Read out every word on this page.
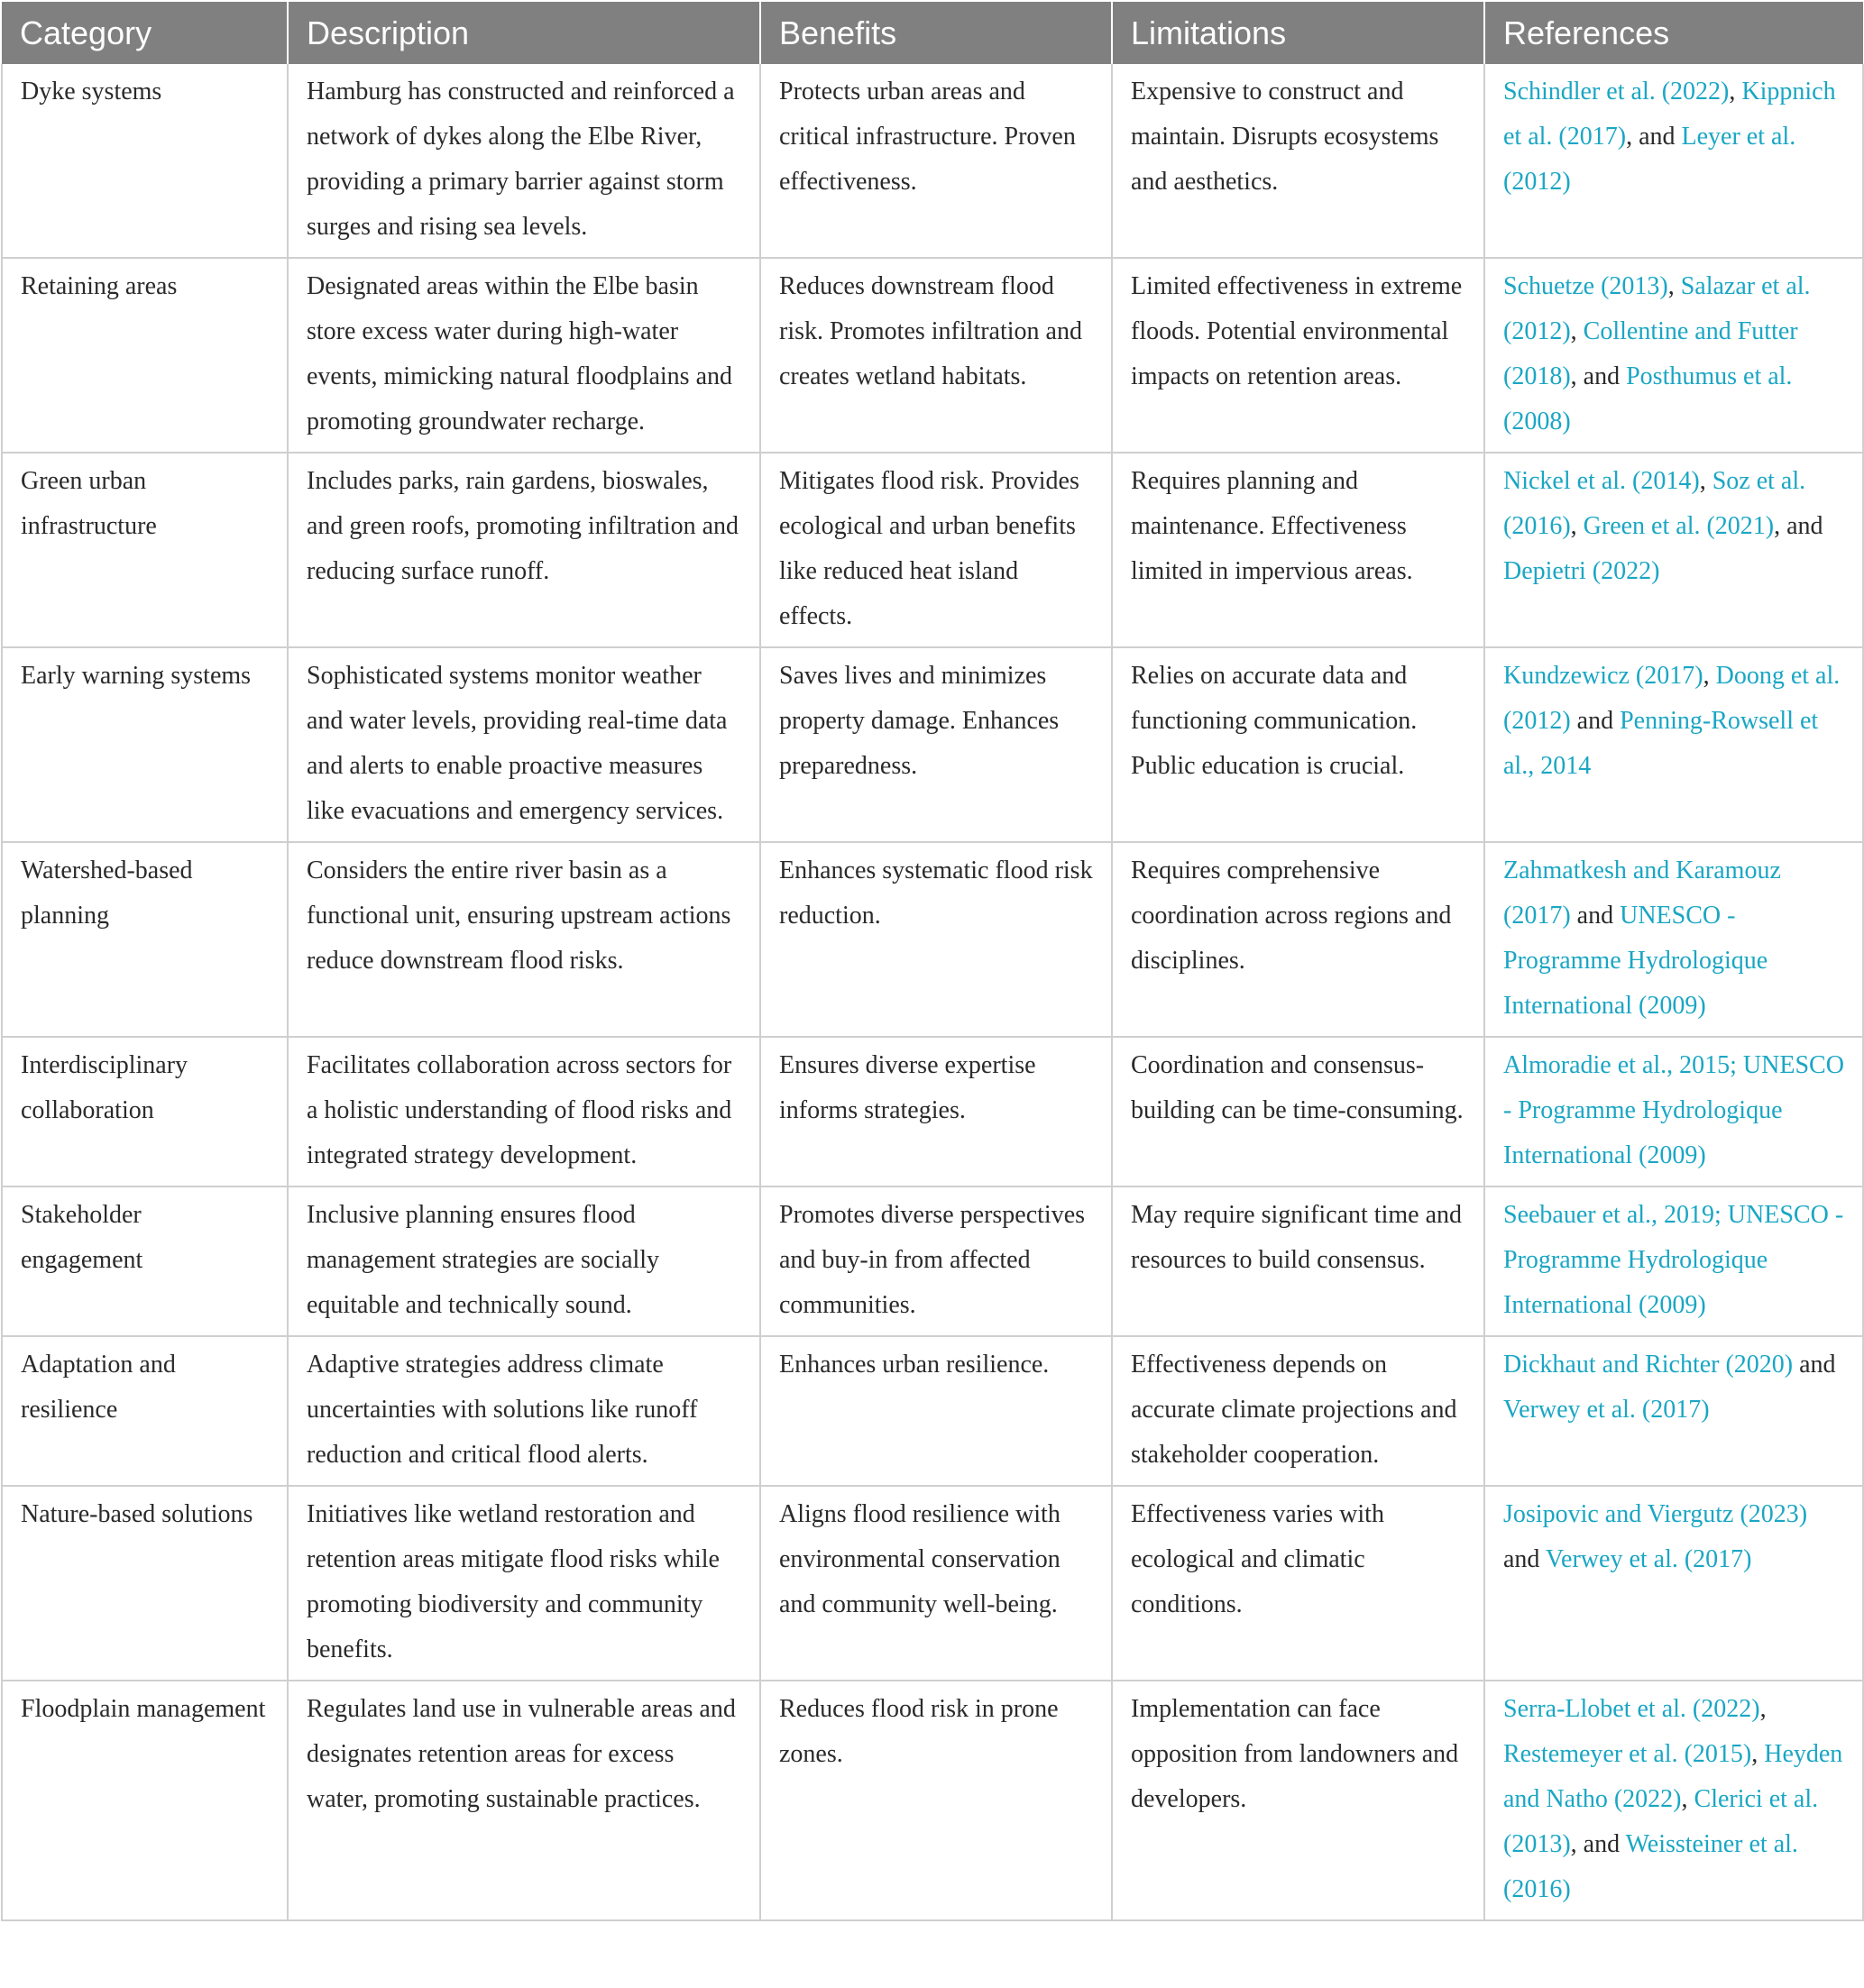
Category	Description	Benefits	Limitations	References
Dyke systems	Hamburg has constructed and reinforced a network of dykes along the Elbe River, providing a primary barrier against storm surges and rising sea levels.	Protects urban areas and critical infrastructure. Proven effectiveness.	Expensive to construct and maintain. Disrupts ecosystems and aesthetics.	Schindler et al. (2022), Kippnich et al. (2017), and Leyer et al. (2012)
Retaining areas	Designated areas within the Elbe basin store excess water during high-water events, mimicking natural floodplains and promoting groundwater recharge.	Reduces downstream flood risk. Promotes infiltration and creates wetland habitats.	Limited effectiveness in extreme floods. Potential environmental impacts on retention areas.	Schuetze (2013), Salazar et al. (2012), Collentine and Futter (2018), and Posthumus et al. (2008)
Green urban infrastructure	Includes parks, rain gardens, bioswales, and green roofs, promoting infiltration and reducing surface runoff.	Mitigates flood risk. Provides ecological and urban benefits like reduced heat island effects.	Requires planning and maintenance. Effectiveness limited in impervious areas.	Nickel et al. (2014), Soz et al. (2016), Green et al. (2021), and Depietri (2022)
Early warning systems	Sophisticated systems monitor weather and water levels, providing real-time data and alerts to enable proactive measures like evacuations and emergency services.	Saves lives and minimizes property damage. Enhances preparedness.	Relies on accurate data and functioning communication. Public education is crucial.	Kundzewicz (2017), Doong et al. (2012) and Penning-Rowsell et al., 2014
Watershed-based planning	Considers the entire river basin as a functional unit, ensuring upstream actions reduce downstream flood risks.	Enhances systematic flood risk reduction.	Requires comprehensive coordination across regions and disciplines.	Zahmatkesh and Karamouz (2017) and UNESCO - Programme Hydrologique International (2009)
Interdisciplinary collaboration	Facilitates collaboration across sectors for a holistic understanding of flood risks and integrated strategy development.	Ensures diverse expertise informs strategies.	Coordination and consensus-building can be time-consuming.	Almoradie et al., 2015; UNESCO - Programme Hydrologique International (2009)
Stakeholder engagement	Inclusive planning ensures flood management strategies are socially equitable and technically sound.	Promotes diverse perspectives and buy-in from affected communities.	May require significant time and resources to build consensus.	Seebauer et al., 2019; UNESCO - Programme Hydrologique International (2009)
Adaptation and resilience	Adaptive strategies address climate uncertainties with solutions like runoff reduction and critical flood alerts.	Enhances urban resilience.	Effectiveness depends on accurate climate projections and stakeholder cooperation.	Dickhaut and Richter (2020) and Verwey et al. (2017)
Nature-based solutions	Initiatives like wetland restoration and retention areas mitigate flood risks while promoting biodiversity and community benefits.	Aligns flood resilience with environmental conservation and community well-being.	Effectiveness varies with ecological and climatic conditions.	Josipovic and Viergutz (2023) and Verwey et al. (2017)
Floodplain management	Regulates land use in vulnerable areas and designates retention areas for excess water, promoting sustainable practices.	Reduces flood risk in prone zones.	Implementation can face opposition from landowners and developers.	Serra-Llobet et al. (2022), Restemeyer et al. (2015), Heyden and Natho (2022), Clerici et al. (2013), and Weissteiner et al. (2016)
